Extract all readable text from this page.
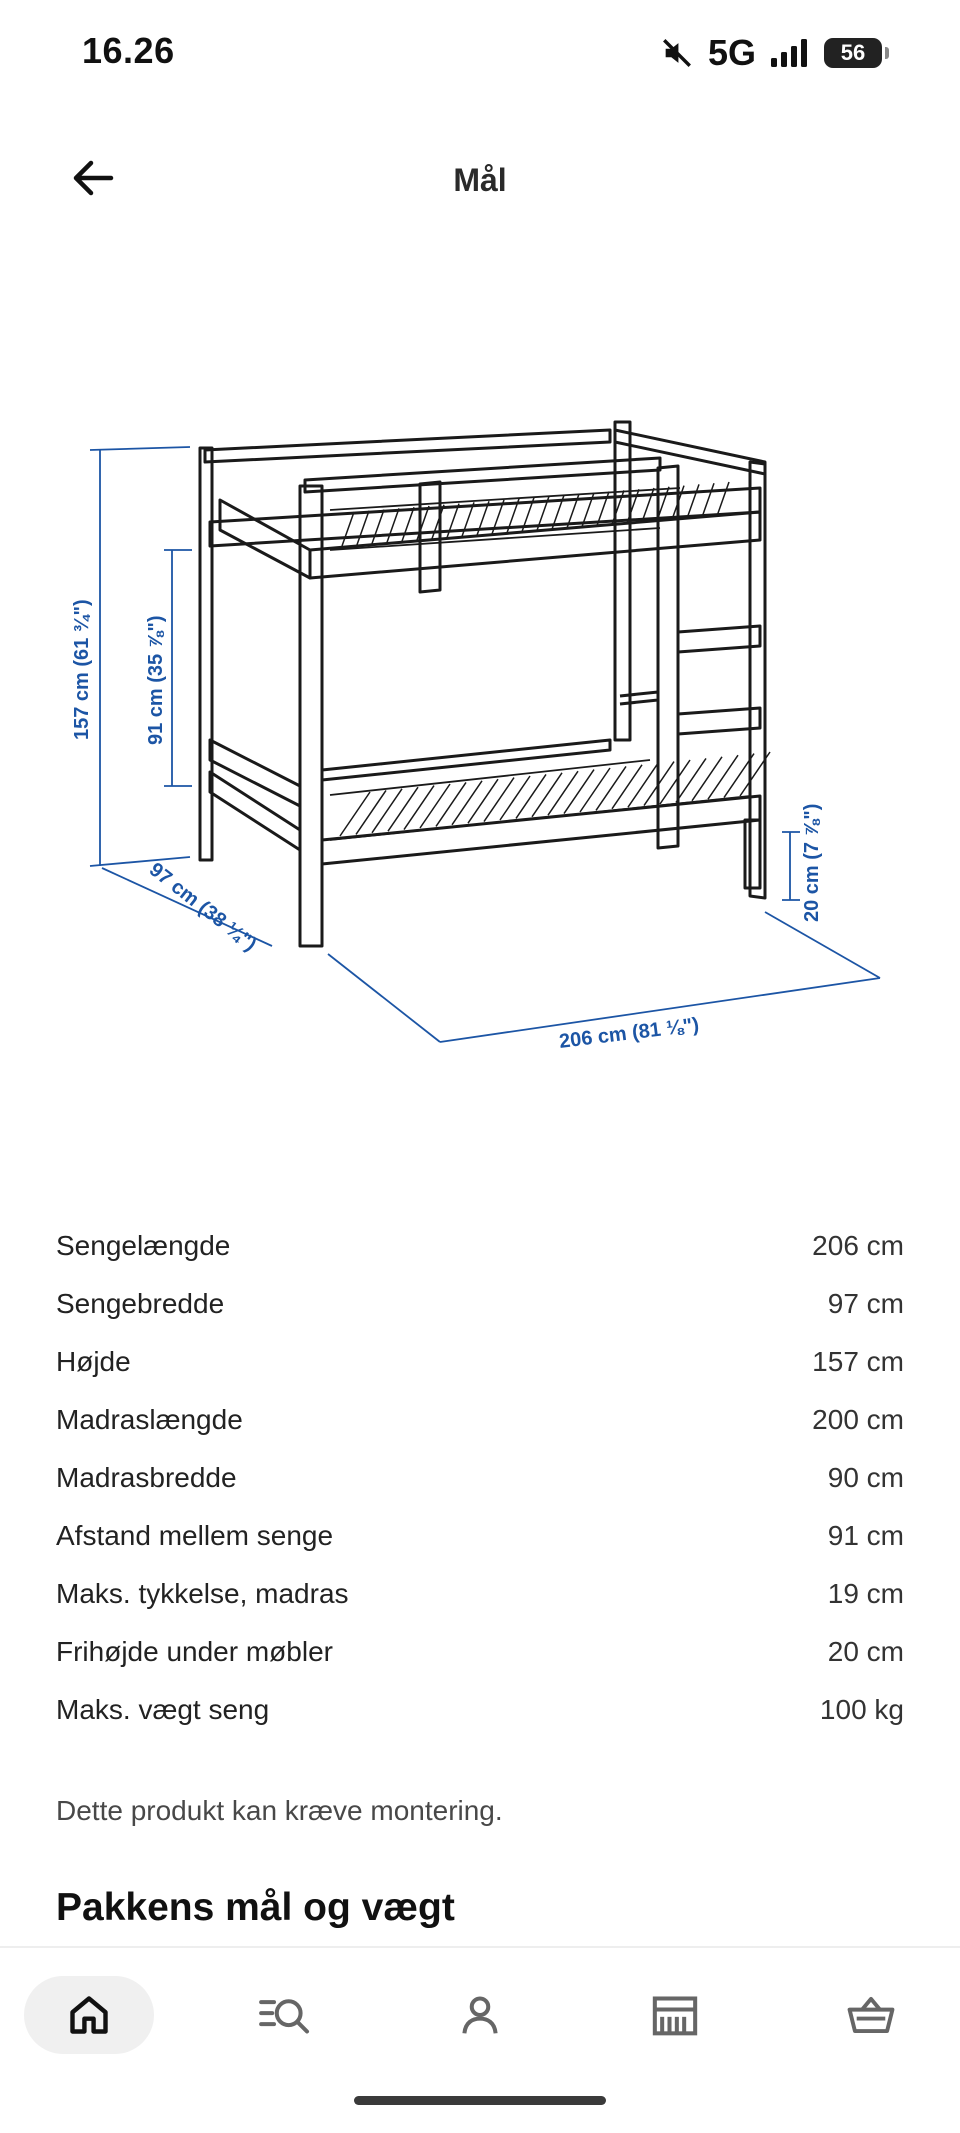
16.26	5G	56
Mål
157 cm (61 ¾")	91 cm (35 ⅞")
97 cm (38 ¼")
206 cm (81 ⅛")
20 cm (7 ⅞")
Sengelængde	206 cm
Sengebredde	97 cm
Højde	157 cm
Madraslængde	200 cm
Madrasbredde	90 cm
Afstand mellem senge	91 cm
Maks. tykkelse, madras	19 cm
Frihøjde under møbler	20 cm
Maks. vægt seng	100 kg
Dette produkt kan kræve montering.
Pakkens mål og vægt
